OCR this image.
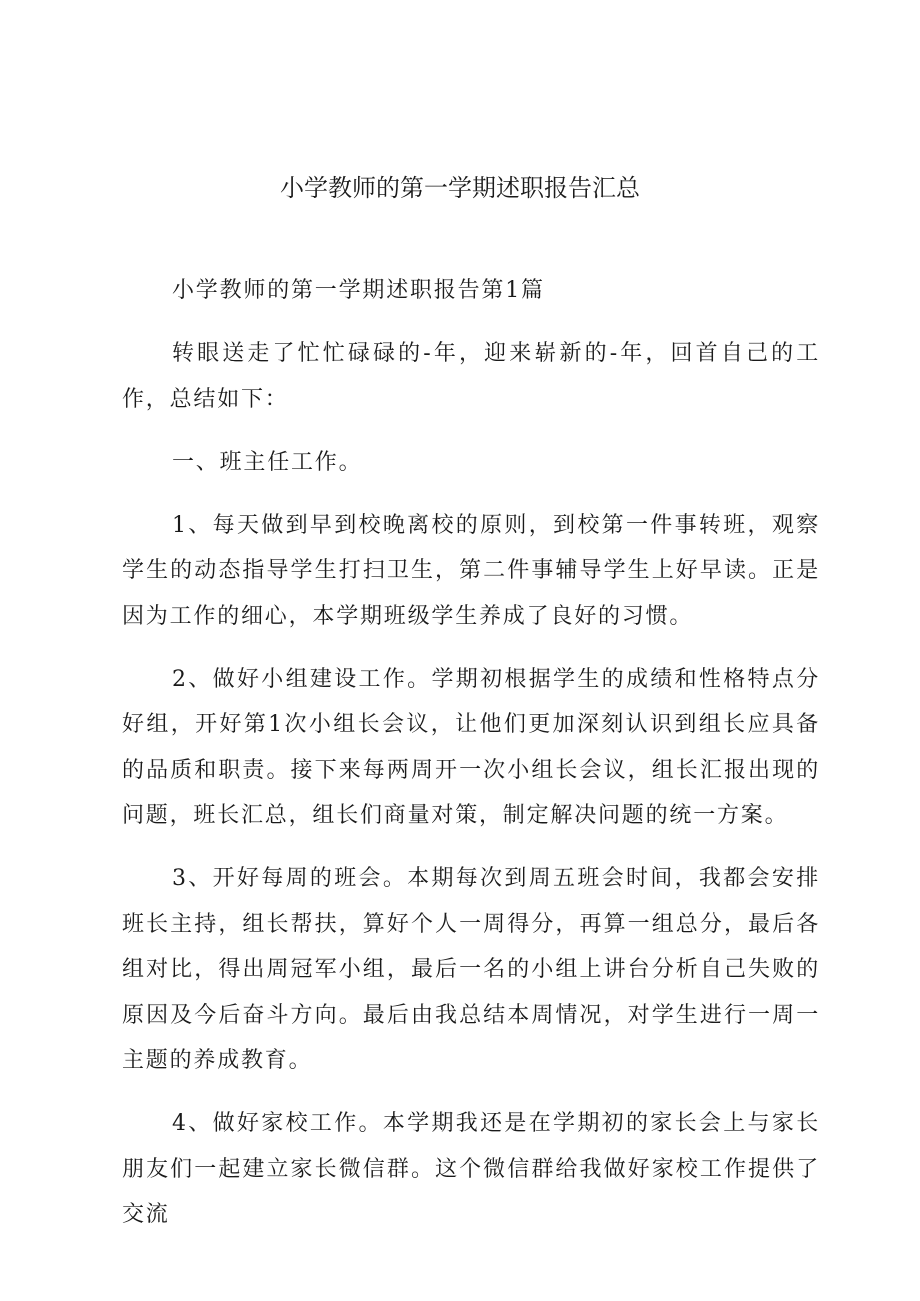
小学教师的第一学期述职报告汇总

小学教师的第一学期述职报告第1篇

转眼送走了忙忙碌碌的-年，迎来崭新的-年，回首自己的工作，总结如下：

一、班主任工作。

1、每天做到早到校晚离校的原则，到校第一件事转班，观察学生的动态指导学生打扫卫生，第二件事辅导学生上好早读。正是因为工作的细心，本学期班级学生养成了良好的习惯。

2、做好小组建设工作。学期初根据学生的成绩和性格特点分好组，开好第1次小组长会议，让他们更加深刻认识到组长应具备的品质和职责。接下来每两周开一次小组长会议，组长汇报出现的问题，班长汇总，组长们商量对策，制定解决问题的统一方案。

3、开好每周的班会。本期每次到周五班会时间，我都会安排班长主持，组长帮扶，算好个人一周得分，再算一组总分，最后各组对比，得出周冠军小组，最后一名的小组上讲台分析自己失败的原因及今后奋斗方向。最后由我总结本周情况，对学生进行一周一主题的养成教育。

4、做好家校工作。本学期我还是在学期初的家长会上与家长朋友们一起建立家长微信群。这个微信群给我做好家校工作提供了交流
